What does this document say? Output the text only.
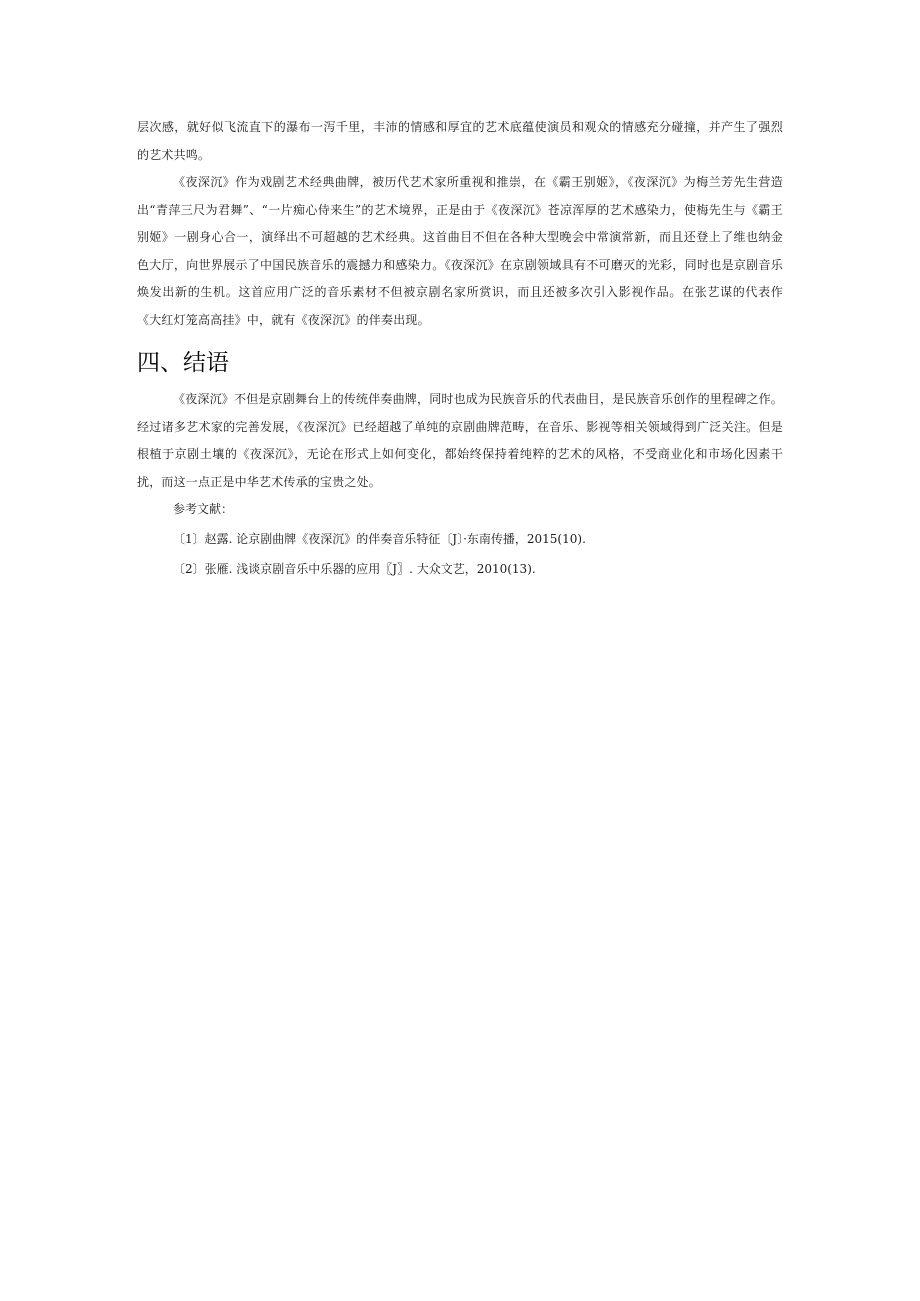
层次感，就好似飞流直下的瀑布一泻千里，丰沛的情感和厚宜的艺术底蕴使演员和观众的情感充分碰撞，并产生了强烈的艺术共鸣。

《夜深沉》作为戏剧艺术经典曲牌，被历代艺术家所重视和推崇，在《霸王别姬》，《夜深沉》为梅兰芳先生营造出“青萍三尺为君舞”、“一片痴心侍来生”的艺术境界，正是由于《夜深沉》苍凉浑厚的艺术感染力，使梅先生与《霸王别姬》一剧身心合一，演绎出不可超越的艺术经典。这首曲目不但在各种大型晚会中常演常新，而且还登上了维也纳金色大厅，向世界展示了中国民族音乐的震撼力和感染力。《夜深沉》在京剧领域具有不可磨灭的光彩，同时也是京剧音乐焕发出新的生机。这首应用广泛的音乐素材不但被京剧名家所赏识，而且还被多次引入影视作品。在张艺谋的代表作《大红灯笼高高挂》中，就有《夜深沉》的伴奏出现。

四、结语

《夜深沉》不但是京剧舞台上的传统伴奏曲牌，同时也成为民族音乐的代表曲目，是民族音乐创作的里程碑之作。经过诸多艺术家的完善发展，《夜深沉》已经超越了单纯的京剧曲牌范畴，在音乐、影视等相关领域得到广泛关注。但是根植于京剧土壤的《夜深沉》，无论在形式上如何变化，都始终保持着纯粹的艺术的风格，不受商业化和市场化因素干扰，而这一点正是中华艺术传承的宝贵之处。

参考文献：

〔1〕赵露. 论京剧曲牌《夜深沉》的伴奏音乐特征〔J〕·东南传播，2015(10).

〔2〕张雁. 浅谈京剧音乐中乐器的应用〖J〗. 大众文艺，2010(13).
